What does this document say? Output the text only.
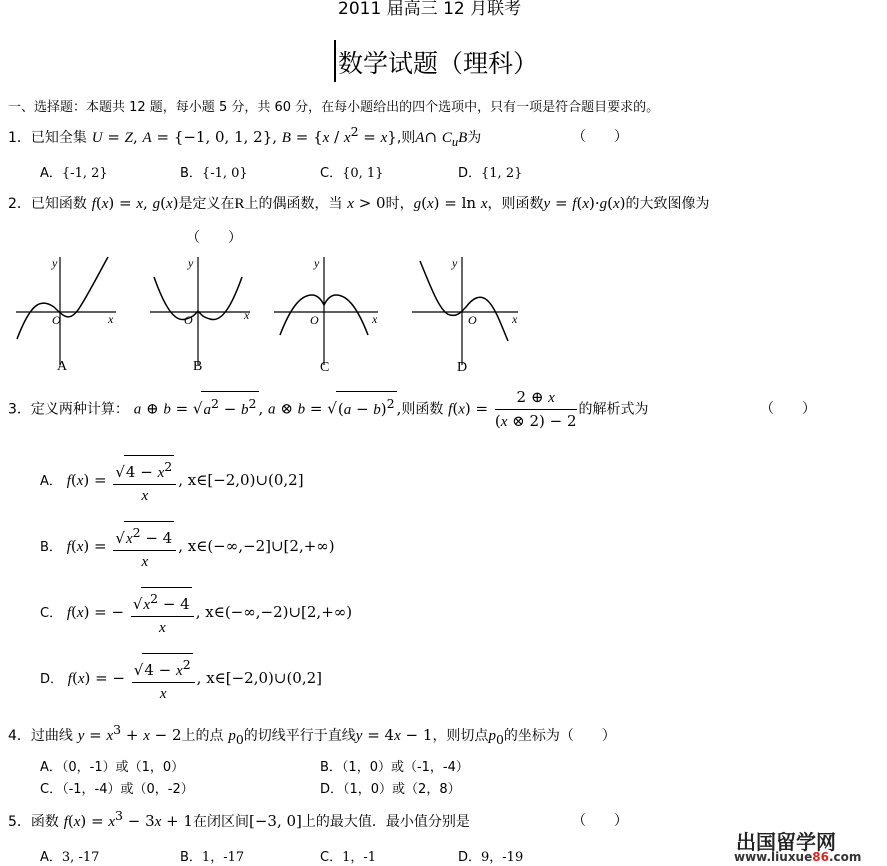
2011 届高三 12 月联考
数学试题（理科）
一、选择题：本题共 12 题，每小题 5 分，共 60 分，在每小题给出的四个选项中，只有一项是符合题目要求的。
1．已知全集 U = Z, A = {−1, 0, 1, 2}, $B = \{x / x^2 = x\}$,则A∩ $C_uB$为	（　　）
A．{-1, 2}	B．{-1, 0}	C．{0, 1}	D．{1, 2}
2．已知函数 f(x) = x, g(x)是定义在R上的偶函数，当 x > 0时，g(x) = ln x，则函数y = f(x)·g(x)的大致图像为
（　　）
y
x
O
A
y
x
O
B
y
x
O
C
y
x
O
D
3．定义两种计算： a ⊕ $b = √a^2 - b^2$ , a ⊗ $b = √(a - b)^2$ ,则函数 $f(x) = \frac{2 \oplus x}{(x \otimes 2) - 2}$ 的解析式为	（　　）
A． $f(x) = \frac{√4 - x^2}{x}$ , x∈[−2,0)∪(0,2]
B． $f(x) = \frac{√x^2 - 4}{x}$ , x∈(−∞,−2]∪[2,+∞)
C． f(x) = − $\frac{√x^2 - 4}{x}$ , x∈(−∞,−2)∪[2,+∞)
D． f(x) = − $\frac{√4 - x^2}{x}$ , x∈[−2,0)∪(0,2]
4．过曲线 $y = x^3 + x - 2$上的点 $p_0$的切线平行于直线y = 4x − 1，则切点$p_0$的坐标为（　　）
A．（0，-1）或（1，0）	B．（1，0）或（-1，-4）
C．（-1，-4）或（0，-2）	D．（1，0）或（2，8）
5．函数 $f(x) = x^3 - 3x + 1$在闭区间[−3, 0]上的最大值．最小值分别是	（　　）
A．3, -17	B．1，-17	C．1，-1	D．9，-19
出国留学网
www.liuxue86.com
